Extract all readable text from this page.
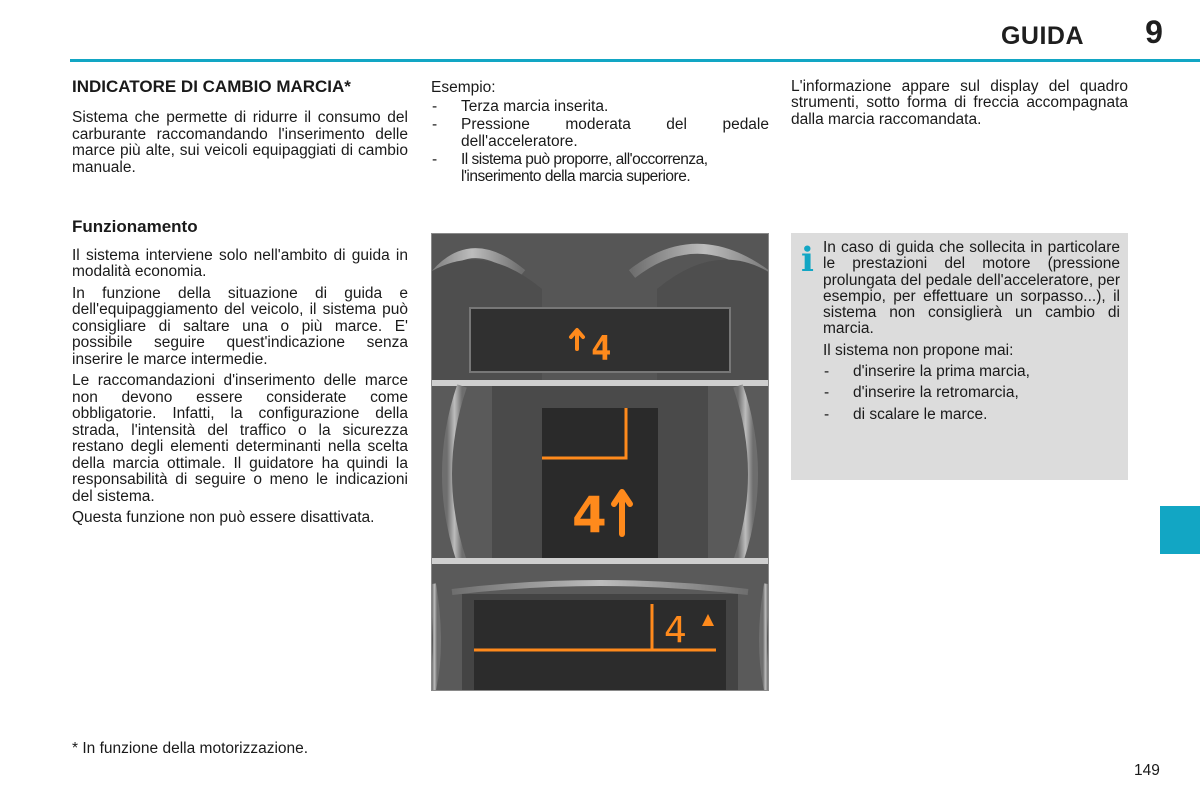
GUIDA	9
INDICATORE DI CAMBIO MARCIA*

Sistema che permette di ridurre il consumo del carburante raccomandando l'inserimento delle marce più alte, sui veicoli equipaggiati di cambio manuale.

Funzionamento

Il sistema interviene solo nell'ambito di guida in modalità economia.

In funzione della situazione di guida e dell'equipaggiamento del veicolo, il sistema può consigliare di saltare una o più marce. E' possibile seguire quest'indicazione senza inserire le marce intermedie.

Le raccomandazioni d'inserimento delle marce non devono essere considerate come obbligatorie. Infatti, la configurazione della strada, l'intensità del traffico o la sicurezza restano degli elementi determinanti nella scelta della marcia ottimale. Il guidatore ha quindi la responsabilità di seguire o meno le indicazioni del sistema.

Questa funzione non può essere disattivata.

Esempio:
- Terza marcia inserita.
- Pressione moderata del pedale dell'acceleratore.
- Il sistema può proporre, all'occorrenza, l'inserimento della marcia superiore.

L'informazione appare sul display del quadro strumenti, sotto forma di freccia accompagnata dalla marcia raccomandata.

i In caso di guida che sollecita in particolare le prestazioni del motore (pressione prolungata del pedale dell'acceleratore, per esempio, per effettuare un sorpasso...), il sistema non consiglierà un cambio di marcia.

Il sistema non propone mai:

- d'inserire la prima marcia,
- d'inserire la retromarcia,
- di scalare le marce.
4
4
4
* In funzione della motorizzazione.
149
